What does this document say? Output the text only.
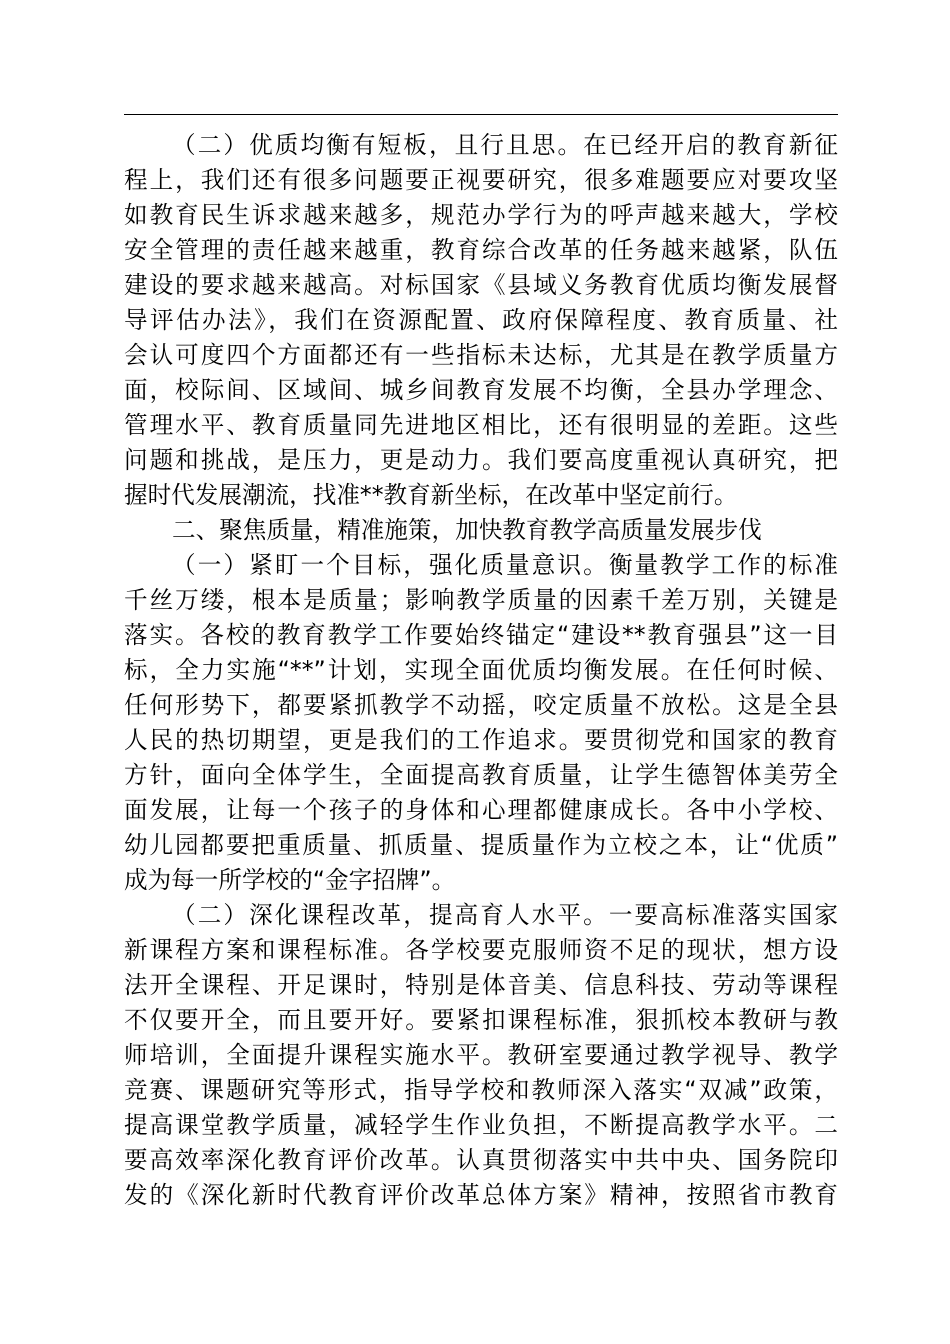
（二）优质均衡有短板，且行且思。在已经开启的教育新征
程上，我们还有很多问题要正视要研究，很多难题要应对要攻坚
如教育民生诉求越来越多，规范办学行为的呼声越来越大，学校
安全管理的责任越来越重，教育综合改革的任务越来越紧，队伍
建设的要求越来越高。对标国家《县域义务教育优质均衡发展督
导评估办法》，我们在资源配置、政府保障程度、教育质量、社
会认可度四个方面都还有一些指标未达标，尤其是在教学质量方
面，校际间、区域间、城乡间教育发展不均衡，全县办学理念、
管理水平、教育质量同先进地区相比，还有很明显的差距。这些
问题和挑战，是压力，更是动力。我们要高度重视认真研究，把
握时代发展潮流，找准**教育新坐标，在改革中坚定前行。
二、聚焦质量，精准施策，加快教育教学高质量发展步伐
（一）紧盯一个目标，强化质量意识。衡量教学工作的标准
千丝万缕，根本是质量；影响教学质量的因素千差万别，关键是
落实。各校的教育教学工作要始终锚定“建设**教育强县”这一目
标，全力实施“**”计划，实现全面优质均衡发展。在任何时候、
任何形势下，都要紧抓教学不动摇，咬定质量不放松。这是全县
人民的热切期望，更是我们的工作追求。要贯彻党和国家的教育
方针，面向全体学生，全面提高教育质量，让学生德智体美劳全
面发展，让每一个孩子的身体和心理都健康成长。各中小学校、
幼儿园都要把重质量、抓质量、提质量作为立校之本，让“优质”
成为每一所学校的“金字招牌”。
（二）深化课程改革，提高育人水平。一要高标准落实国家
新课程方案和课程标准。各学校要克服师资不足的现状，想方设
法开全课程、开足课时，特别是体音美、信息科技、劳动等课程
不仅要开全，而且要开好。要紧扣课程标准，狠抓校本教研与教
师培训，全面提升课程实施水平。教研室要通过教学视导、教学
竞赛、课题研究等形式，指导学校和教师深入落实“双减”政策，
提高课堂教学质量，减轻学生作业负担，不断提高教学水平。二
要高效率深化教育评价改革。认真贯彻落实中共中央、国务院印
发的《深化新时代教育评价改革总体方案》精神，按照省市教育
